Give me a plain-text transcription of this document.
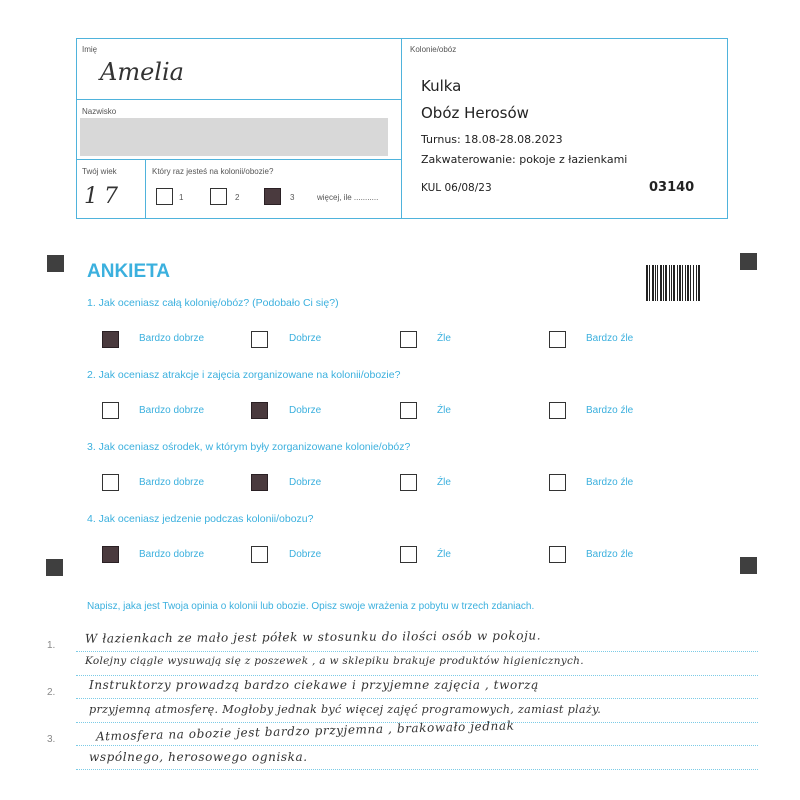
Imię
Amelia
Nazwisko
Twój wiek
17
Który raz jesteś na kolonii/obozie?
1	2	3	więcej, ile ...........
Kolonie/obóz
Kulka
Obóz Herosów
Turnus: 18.08-28.08.2023
Zakwaterowanie: pokoje z łazienkami
KUL 06/08/23	03140
ANKIETA
1. Jak oceniasz całą kolonię/obóz? (Podobało Ci się?)
Bardzo dobrze	Dobrze	Źle	Bardzo źle
2. Jak oceniasz atrakcje i zajęcia zorganizowane na kolonii/obozie?
Bardzo dobrze	Dobrze	Źle	Bardzo źle
3. Jak oceniasz ośrodek, w którym były zorganizowane kolonie/obóz?
Bardzo dobrze	Dobrze	Źle	Bardzo źle
4. Jak oceniasz jedzenie podczas kolonii/obozu?
Bardzo dobrze	Dobrze	Źle	Bardzo źle
Napisz, jaka jest Twoja opinia o kolonii lub obozie. Opisz swoje wrażenia z pobytu w trzech zdaniach.
1.
2.
3.
W łazienkach ze mało jest półek w stosunku do ilości osób w pokoju.
Kolejny ciągle wysuwają się z poszewek , a w sklepiku brakuje produktów higienicznych.
Instruktorzy prowadzą bardzo ciekawe i przyjemne zajęcia , tworzą
przyjemną atmosferę. Mogłoby jednak być więcej zajęć programowych, zamiast plaży.
Atmosfera na obozie jest bardzo przyjemna , brakowało jednak
wspólnego, herosowego ogniska.
